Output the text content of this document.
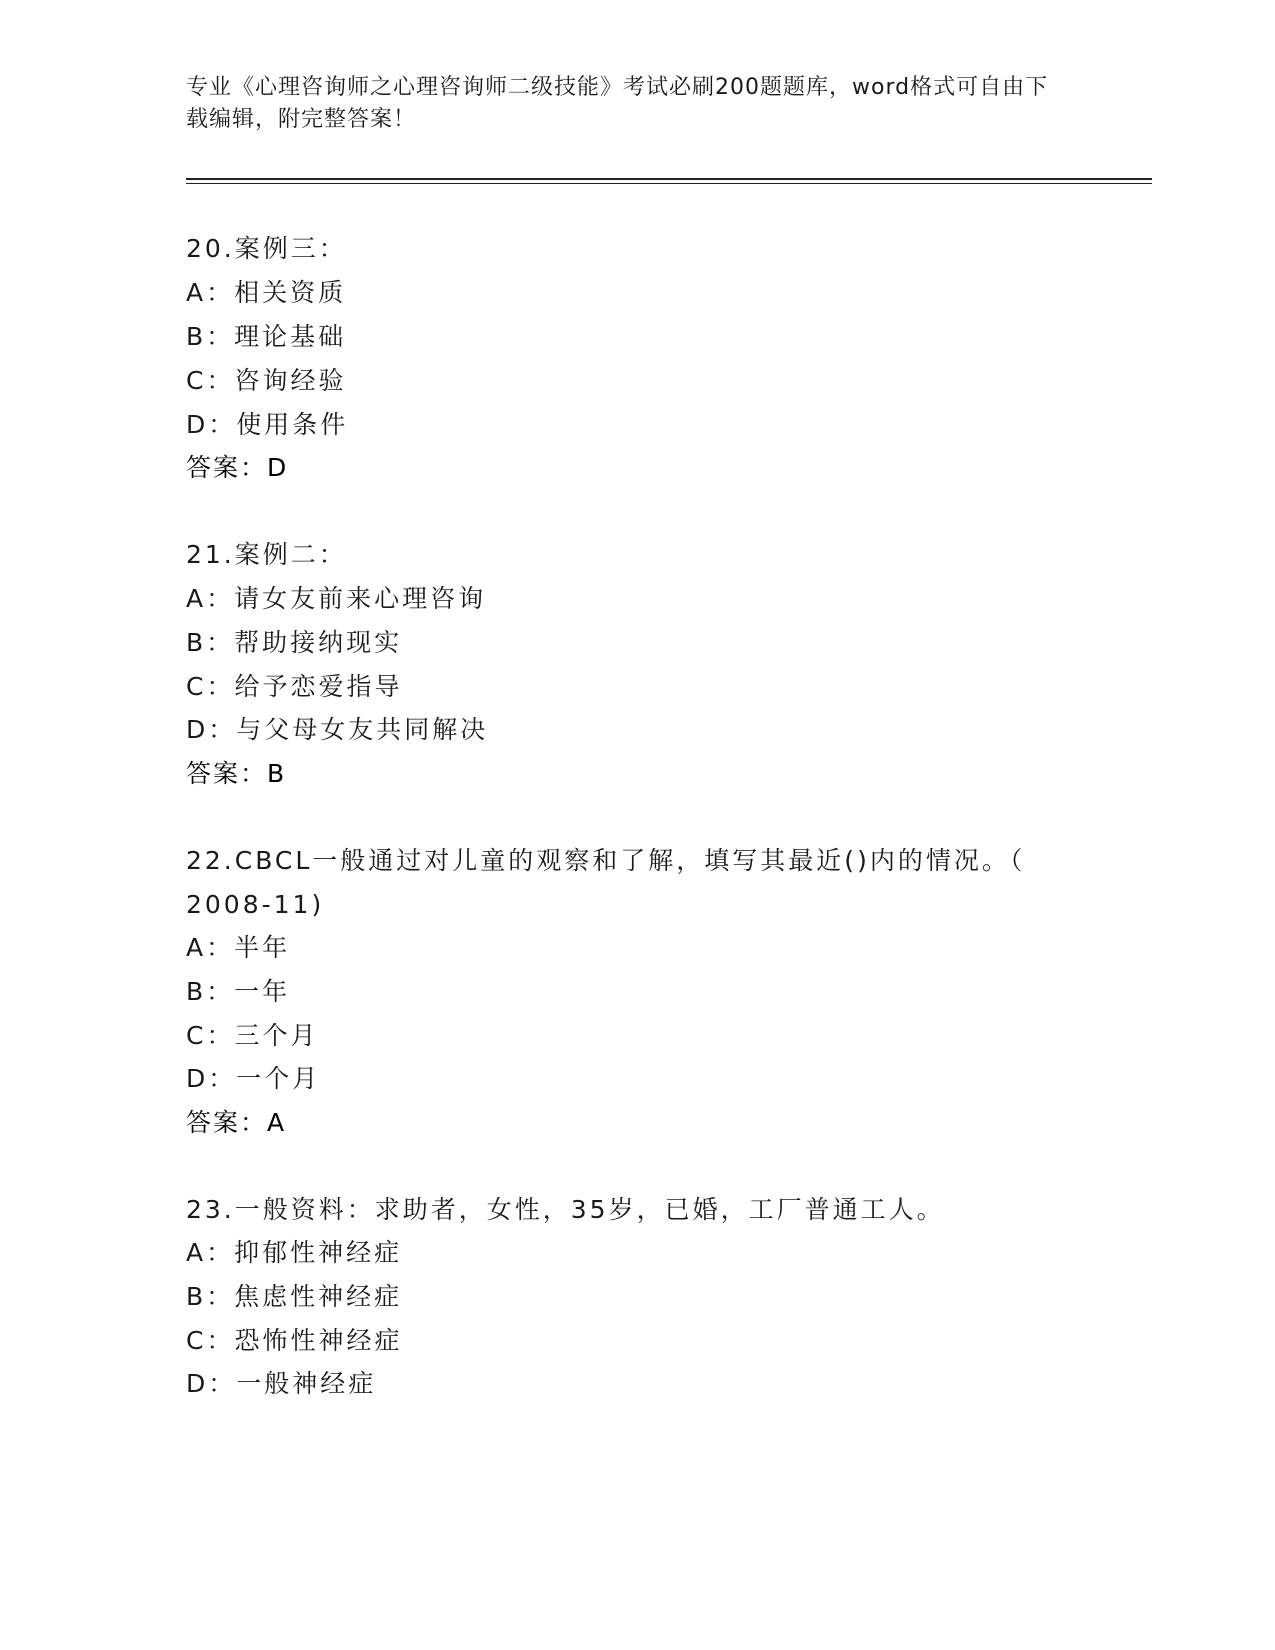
专业《心理咨询师之心理咨询师二级技能》考试必刷200题题库，word格式可自由下载编辑，附完整答案！
20.案例三：
A：相关资质
B：理论基础
C：咨询经验
D：使用条件
答案：D
21.案例二：
A：请女友前来心理咨询
B：帮助接纳现实
C：给予恋爱指导
D：与父母女友共同解决
答案：B
22.CBCL一般通过对儿童的观察和了解，填写其最近()内的情况。（
2008-11)
A：半年
B：一年
C：三个月
D：一个月
答案：A
23.一般资料：求助者，女性，35岁，已婚，工厂普通工人。
A：抑郁性神经症
B：焦虑性神经症
C：恐怖性神经症
D：一般神经症
